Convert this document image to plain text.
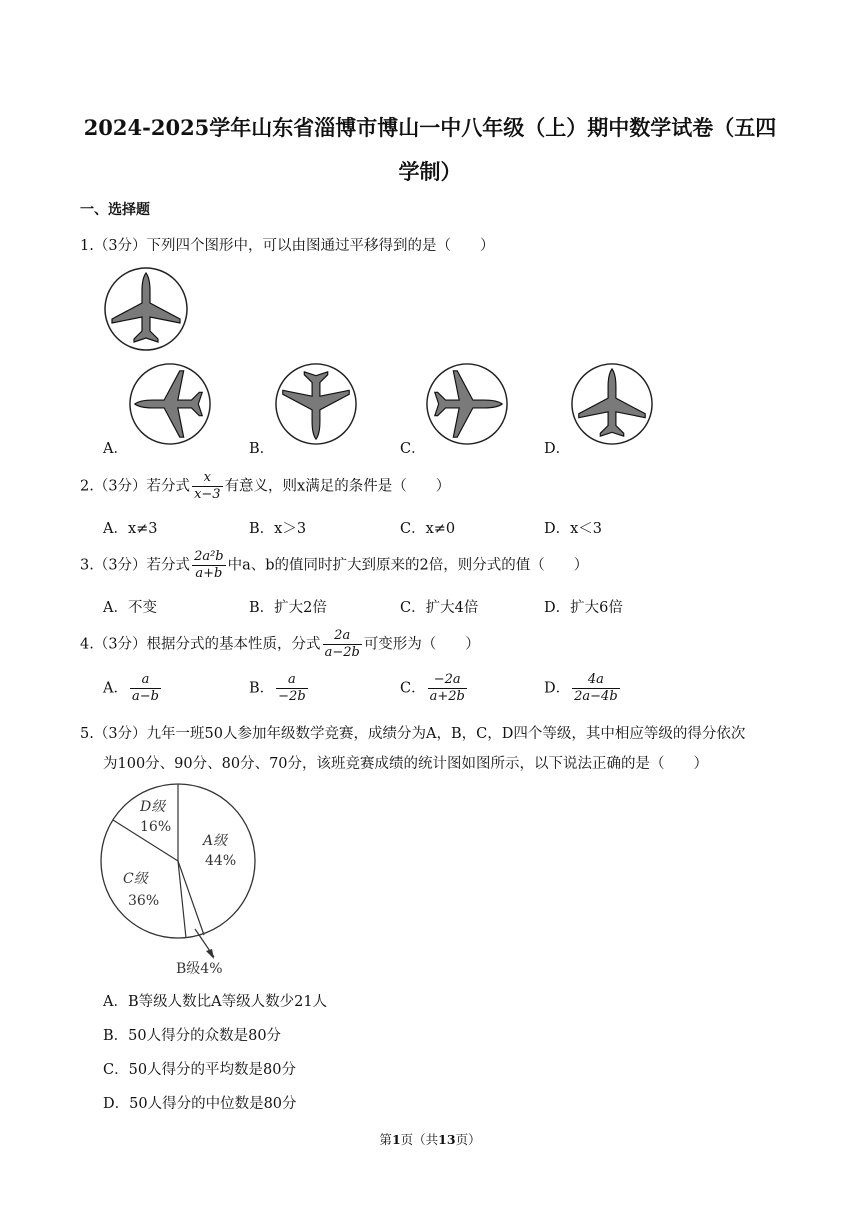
2024-2025学年山东省淄博市博山一中八年级（上）期中数学试卷（五四
学制）
一、选择题
1.（3分）下列四个图形中，可以由图通过平移得到的是（　　）
A．	B．	C．	D．
2.（3分）若分式 $\frac{x}{x-3}$ 有意义，则x满足的条件是（　　）
A．x≠3	B．x＞3	C．x≠0	D．x＜3
3.（3分）若分式 $\frac{\text{2a²b}}{a+b}$ 中a、b的值同时扩大到原来的2倍，则分式的值（　　）
A．不变	B．扩大2倍	C．扩大4倍	D．扩大6倍
4.（3分）根据分式的基本性质，分式 $\frac{2a}{a-2b}$ 可变形为（　　）
A． $\frac{a}{a-b}$	B． $\frac{a}{-2b}$	C． $\frac{-2a}{a+2b}$	D． $\frac{4a}{2a-4b}$
5.（3分）九年一班50人参加年级数学竞赛，成绩分为A，B，C，D四个等级，其中相应等级的得分依次
为100分、90分、80分、70分，该班竞赛成绩的统计图如图所示，以下说法正确的是（　　）
D级
16%
A级
44%
C级
36%
B级4%
A．B等级人数比A等级人数少21人
B．50人得分的众数是80分
C．50人得分的平均数是80分
D．50人得分的中位数是80分
第1页（共13页）
